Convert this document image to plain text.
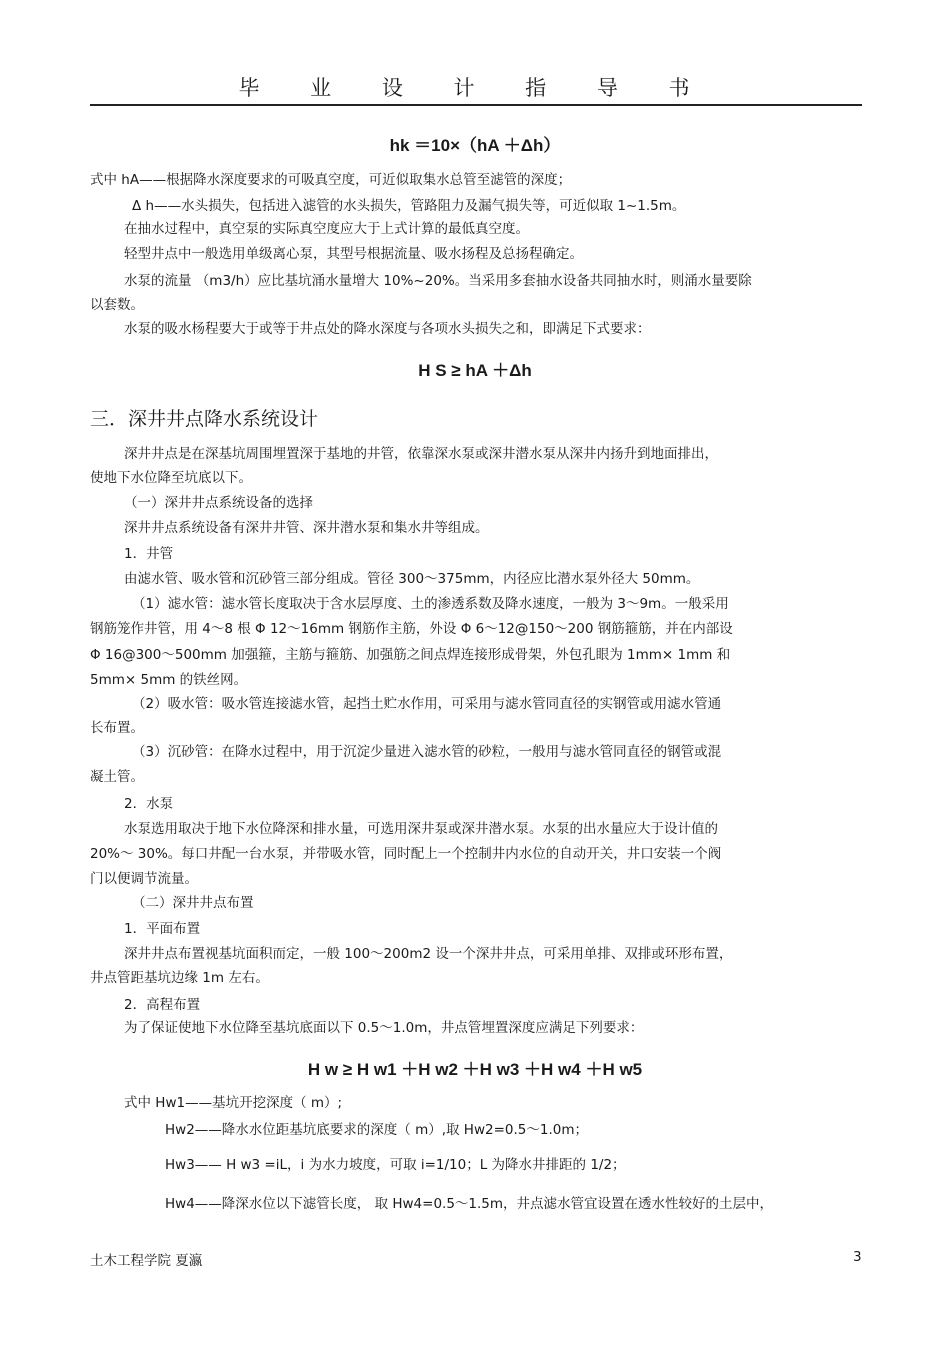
毕 业 设 计 指 导 书
hk ＝10×（hA ＋Δh）
式中 hA——根据降水深度要求的可吸真空度，可近似取集水总管至滤管的深度；
Δ h——水头损失，包括进入滤管的水头损失，管路阻力及漏气损失等，可近似取 1~1.5m。
在抽水过程中，真空泵的实际真空度应大于上式计算的最低真空度。
轻型井点中一般选用单级离心泵，其型号根据流量、吸水扬程及总扬程确定。
水泵的流量 （m3/h）应比基坑涌水量增大 10%~20%。当采用多套抽水设备共同抽水时，则涌水量要除
以套数。
水泵的吸水杨程要大于或等于井点处的降水深度与各项水头损失之和，即满足下式要求：
H S ≥ hA ＋Δh
三．深井井点降水系统设计
深井井点是在深基坑周围埋置深于基地的井管，依靠深水泵或深井潜水泵从深井内扬升到地面排出，
使地下水位降至坑底以下。
（一）深井井点系统设备的选择
深井井点系统设备有深井井管、深井潜水泵和集水井等组成。
1．井管
由滤水管、吸水管和沉砂管三部分组成。管径 300～375mm，内径应比潜水泵外径大 50mm。
（1）滤水管：滤水管长度取决于含水层厚度、土的渗透系数及降水速度，一般为 3～9m。一般采用
钢筋笼作井管，用 4～8 根 Φ 12～16mm 钢筋作主筋，外设 Φ 6～12@150～200 钢筋箍筋，并在内部设
Φ 16@300～500mm 加强箍，主筋与箍筋、加强筋之间点焊连接形成骨架，外包孔眼为 1mm× 1mm 和
5mm× 5mm 的铁丝网。
（2）吸水管：吸水管连接滤水管，起挡土贮水作用，可采用与滤水管同直径的实钢管或用滤水管通
长布置。
（3）沉砂管：在降水过程中，用于沉淀少量进入滤水管的砂粒，一般用与滤水管同直径的钢管或混
凝土管。
2．水泵
水泵选用取决于地下水位降深和排水量，可选用深井泵或深井潜水泵。水泵的出水量应大于设计值的
20%～ 30%。每口井配一台水泵，并带吸水管，同时配上一个控制井内水位的自动开关，井口安装一个阀
门以便调节流量。
（二）深井井点布置
1．平面布置
深井井点布置视基坑面积而定，一般 100～200m2 设一个深井井点，可采用单排、双排或环形布置，
井点管距基坑边缘 1m 左右。
2．高程布置
为了保证使地下水位降至基坑底面以下 0.5～1.0m，井点管埋置深度应满足下列要求：
H w ≥ H w1 ＋H w2 ＋H w3 ＋H w4 ＋H w5
式中 Hw1——基坑开挖深度（ m）;
Hw2——降水水位距基坑底要求的深度（ m）,取 Hw2=0.5～1.0m；
Hw3—— H w3 =iL，i 为水力坡度，可取 i=1/10；L 为降水井排距的 1/2；
Hw4——降深水位以下滤管长度， 取 Hw4=0.5～1.5m，井点滤水管宜设置在透水性较好的土层中，
土木工程学院 夏瀛	3
